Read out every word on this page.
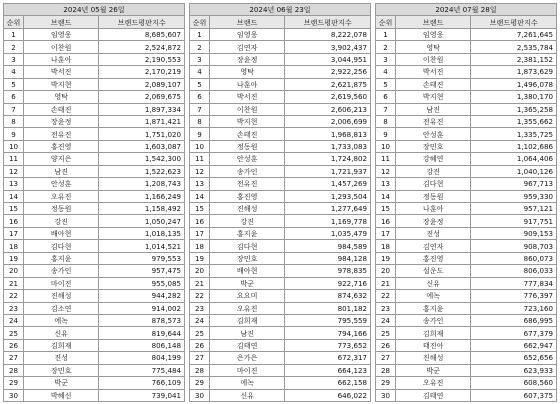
2024년 05월 26일		
순위	브랜드	브랜드평판지수
1	임영웅	8,685,607
2	이찬원	2,524,872
3	나훈아	2,190,553
4	박서진	2,170,219
5	박지현	2,089,107
6	영탁	2,069,675
7	손태진	1,897,334
8	장윤정	1,871,421
9	전유진	1,751,020
10	홍진영	1,603,087
11	양지은	1,542,300
12	남진	1,522,623
13	안성훈	1,208,743
14	오유진	1,166,249
15	정동원	1,158,492
16	강진	1,050,247
17	배아현	1,018,135
18	김다현	1,014,521
19	홍지윤	979,553
20	송가인	957,475
21	마이진	955,085
22	진해성	944,282
23	김소연	914,002
24	에녹	878,573
25	신유	819,644
26	김희재	806,148
27	진성	804,199
28	장민호	775,484
29	박군	766,109
30	박혜신	739,041
2024년 06월 23일		
순위	브랜드	브랜드평판지수
1	임영웅	8,222,078
2	김연자	3,902,437
3	장윤정	3,044,951
4	영탁	2,922,256
5	나훈아	2,621,875
6	박서진	2,619,560
7	이찬원	2,606,213
8	박지현	2,006,699
9	손태진	1,968,813
10	정동원	1,733,083
11	안성훈	1,724,802
12	송가인	1,721,937
13	전유진	1,457,269
14	홍진영	1,293,504
15	진해성	1,277,649
16	강진	1,169,778
17	홍지윤	1,035,479
18	김다현	984,589
19	장민호	984,128
20	배아현	978,835
21	박군	922,716
22	요요미	874,632
23	오유진	801,182
24	김희재	795,559
25	남진	794,166
26	김태연	773,652
27	은가은	672,317
28	마이진	664,123
29	에녹	662,158
30	신유	646,022
2024년 07월 28일		
순위	브랜드	브랜드평판지수
1	임영웅	7,261,645
2	영탁	2,535,784
3	이찬원	2,381,152
4	박서진	1,873,629
5	손태진	1,496,078
6	박지현	1,380,170
7	남진	1,365,258
8	전유진	1,355,662
9	안성훈	1,335,725
10	장민호	1,102,686
11	강혜연	1,064,406
12	강진	1,040,126
13	김다현	967,713
14	정동원	959,330
15	나훈아	957,121
16	장윤정	917,751
17	진성	909,153
18	김연자	908,703
19	홍진영	860,073
20	설운도	806,033
21	신유	777,834
22	에녹	776,397
23	홍지윤	723,160
24	송가인	686,995
25	김희재	677,379
26	태진아	662,947
27	진해성	652,656
28	박군	623,933
29	오유진	608,560
30	김태연	607,375
